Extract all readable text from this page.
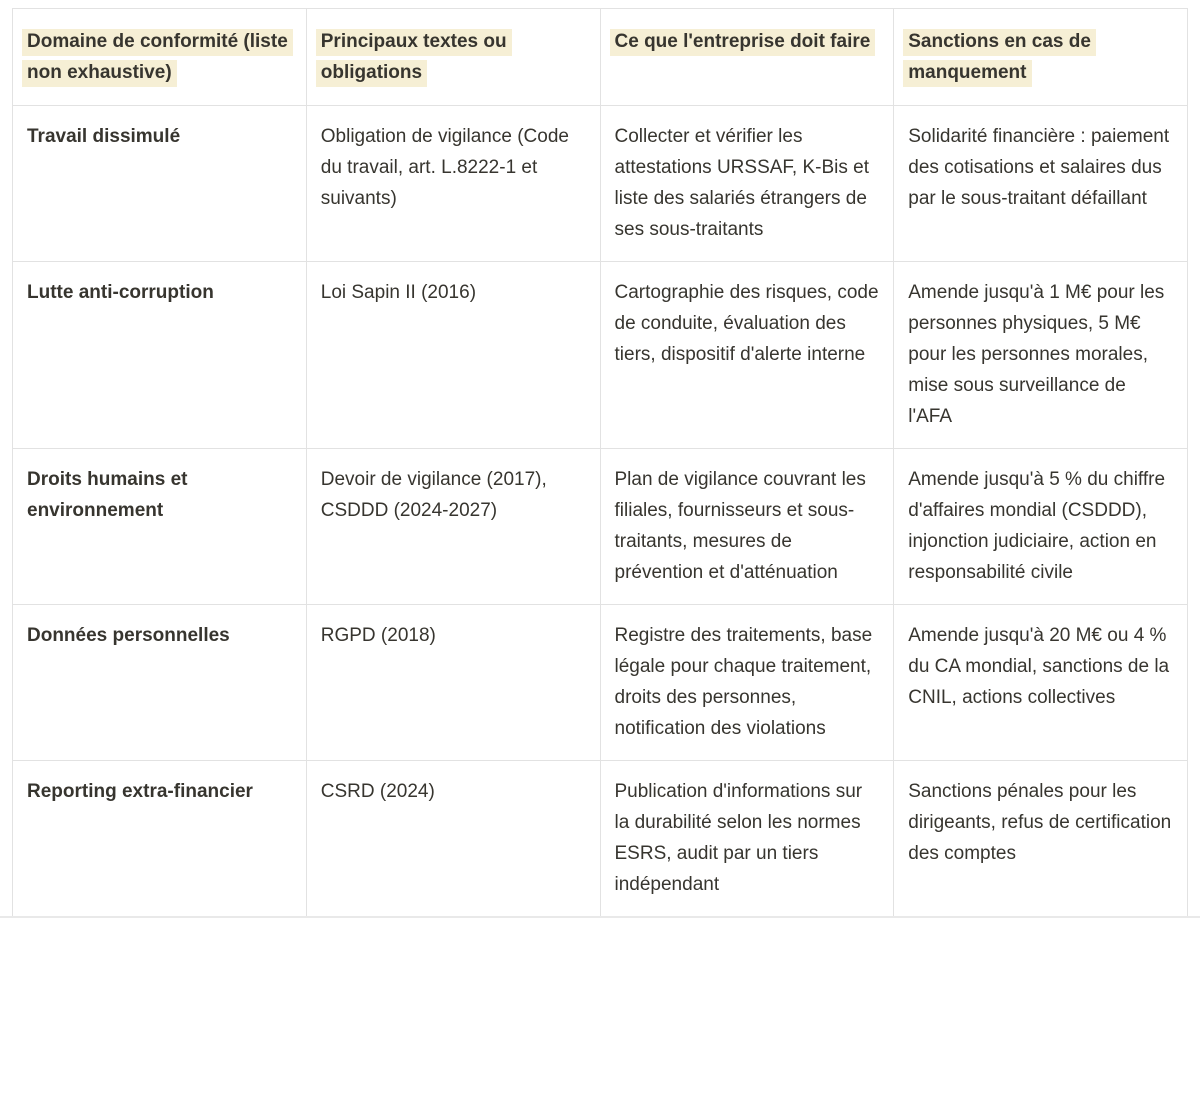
Domaine de conformité (liste non exhaustive)	Principaux textes ou obligations	Ce que l'entreprise doit faire	Sanctions en cas de manquement
Travail dissimulé	Obligation de vigilance (Code du travail, art. L.8222-1 et suivants)	Collecter et vérifier les attestations URSSAF, K-Bis et liste des salariés étrangers de ses sous-traitants	Solidarité financière : paiement des cotisations et salaires dus par le sous-traitant défaillant
Lutte anti-corruption	Loi Sapin II (2016)	Cartographie des risques, code de conduite, évaluation des tiers, dispositif d'alerte interne	Amende jusqu'à 1 M€ pour les personnes physiques, 5 M€ pour les personnes morales, mise sous surveillance de l'AFA
Droits humains et environnement	Devoir de vigilance (2017), CSDDD (2024-2027)	Plan de vigilance couvrant les filiales, fournisseurs et sous-traitants, mesures de prévention et d'atténuation	Amende jusqu'à 5 % du chiffre d'affaires mondial (CSDDD), injonction judiciaire, action en responsabilité civile
Données personnelles	RGPD (2018)	Registre des traitements, base légale pour chaque traitement, droits des personnes, notification des violations	Amende jusqu'à 20 M€ ou 4 % du CA mondial, sanctions de la CNIL, actions collectives
Reporting extra-financier	CSRD (2024)	Publication d'informations sur la durabilité selon les normes ESRS, audit par un tiers indépendant	Sanctions pénales pour les dirigeants, refus de certification des comptes
